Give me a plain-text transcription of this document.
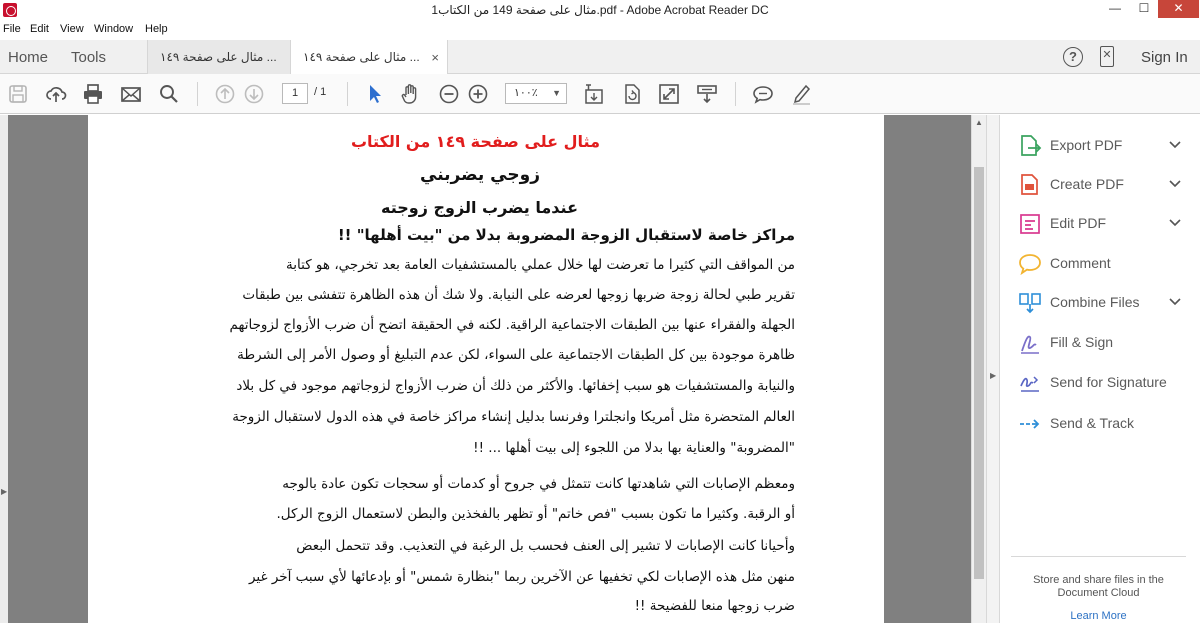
مثال على صفحة 149 من الكتاب1.pdf - Adobe Acrobat Reader DC	—	☐	✕
File Edit View Window Help
Home Tools	مثال على صفحة ١٤٩ ...	مثال على صفحة ١٤٩ ... ×	?	✕ Sign In
1	/ 1	١٠٠٪ ▼
▶
مثال على صفحة ١٤٩ من الكتاب
زوجي يضربني
عندما يضرب الزوج زوجته
مراكز خاصة لاستقبال الزوجة المضروبة بدلا من "بيت أهلها" !!
من المواقف التي كثيرا ما تعرضت لها خلال عملي بالمستشفيات العامة بعد تخرجي، هو كتابة
تقرير طبي لحالة زوجة ضربها زوجها لعرضه على النيابة. ولا شك أن هذه الظاهرة تتفشى بين طبقات
الجهلة والفقراء عنها بين الطبقات الاجتماعية الراقية. لكنه في الحقيقة اتضح أن ضرب الأزواج لزوجاتهم
ظاهرة موجودة بين كل الطبقات الاجتماعية على السواء، لكن عدم التبليغ أو وصول الأمر إلى الشرطة
والنيابة والمستشفيات هو سبب إخفائها. والأكثر من ذلك أن ضرب الأزواج لزوجاتهم موجود في كل بلاد
العالم المتحضرة مثل أمريكا وانجلترا وفرنسا بدليل إنشاء مراكز خاصة في هذه الدول لاستقبال الزوجة
"المضروبة" والعناية بها بدلا من اللجوء إلى بيت أهلها ... !!
ومعظم الإصابات التي شاهدتها كانت تتمثل في جروح أو كدمات أو سحجات تكون عادة بالوجه
أو الرقبة. وكثيرا ما تكون بسبب "فص خاتم" أو تظهر بالفخذين والبطن لاستعمال الزوج الركل.
وأحيانا كانت الإصابات لا تشير إلى العنف فحسب بل الرغبة في التعذيب. وقد تتحمل البعض
منهن مثل هذه الإصابات لكي تخفيها عن الآخرين ربما "بنظارة شمس" أو بإدعائها لأي سبب آخر غير
ضرب زوجها منعا للفضيحة !!
▲
▶
Export PDF
Create PDF
Edit PDF
Comment
Combine Files
Fill & Sign
Send for Signature
Send & Track
Store and share files in the Document Cloud
Learn More
